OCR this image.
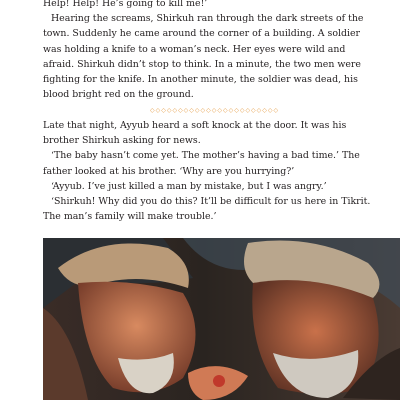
Help! Help! He’s going to kill me!’

Hearing the screams, Shirkuh ran through the dark streets of the town. Suddenly he came around the corner of a building. A soldier was holding a knife to a woman’s neck. Her eyes were wild and afraid. Shirkuh didn’t stop to think. In a minute, the two men were fighting for the knife. In another minute, the soldier was dead, his blood bright red on the ground.

◇◇◇◇◇◇◇◇◇◇◇◇◇◇◇◇◇◇◇◇◇◇◇

Late that night, Ayyub heard a soft knock at the door. It was his brother Shirkuh asking for news.

‘The baby hasn’t come yet. The mother’s having a bad time.’ The father looked at his brother. ‘Why are you hurrying?’

‘Ayyub. I’ve just killed a man by mistake, but I was angry.’

‘Shirkuh! Why did you do this? It’ll be difficult for us here in Tikrit. The man’s family will make trouble.’
